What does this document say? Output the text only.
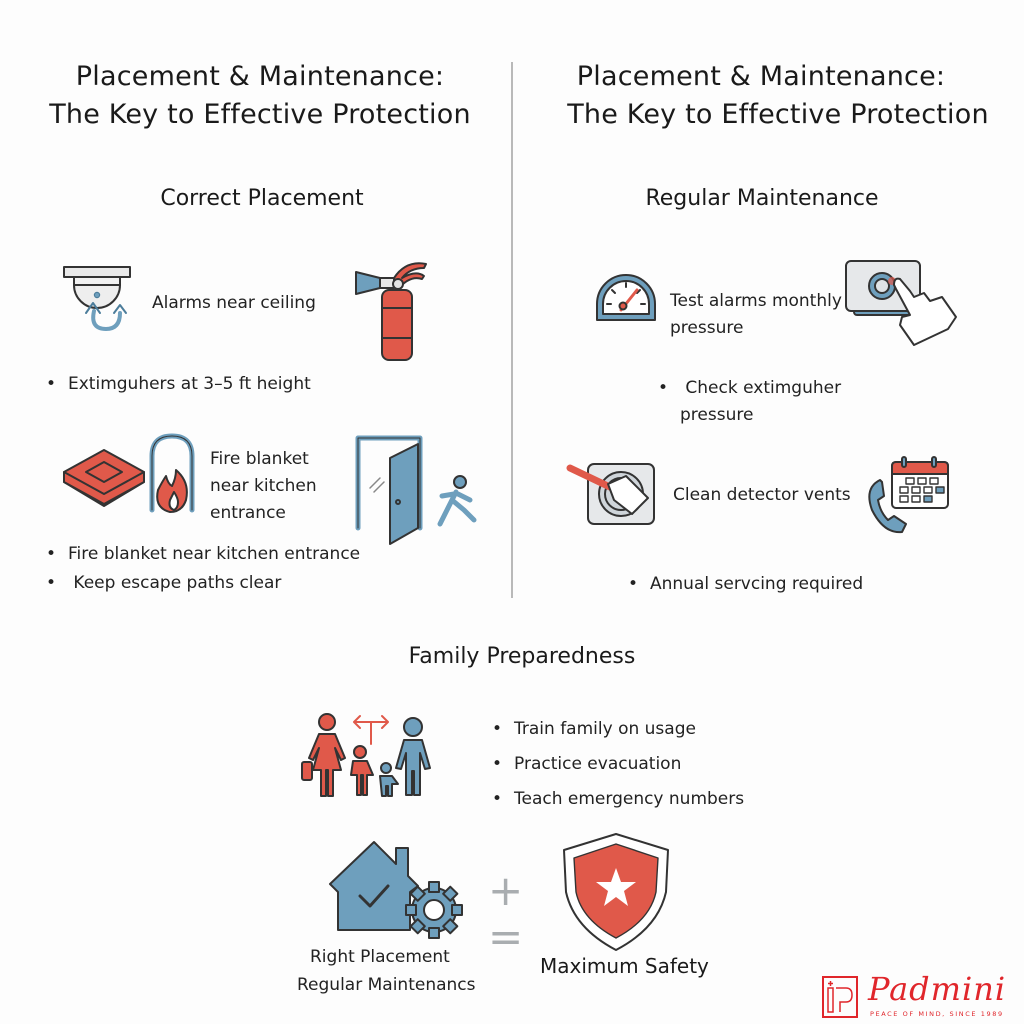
Placement & Maintenance:
The Key to Effective Protection
Correct Placement
Alarms near ceiling
• Extimguhers at 3–5 ft height
Fire blanket
near kitchen
entrance
• Fire blanket near kitchen entrance
•  Keep escape paths clear
Placement & Maintenance:
The Key to Effective Protection
Regular Maintenance
Test alarms monthly
pressure
• Check extimguher
pressure
Clean detector vents
• Annual servcing required
Family Preparedness
• Train family on usage
• Practice evacuation
• Teach emergency numbers
+
=
Right Placement
Regular Maintenancs
Maximum Safety
Padmini
PEACE OF MIND, SINCE 1989
